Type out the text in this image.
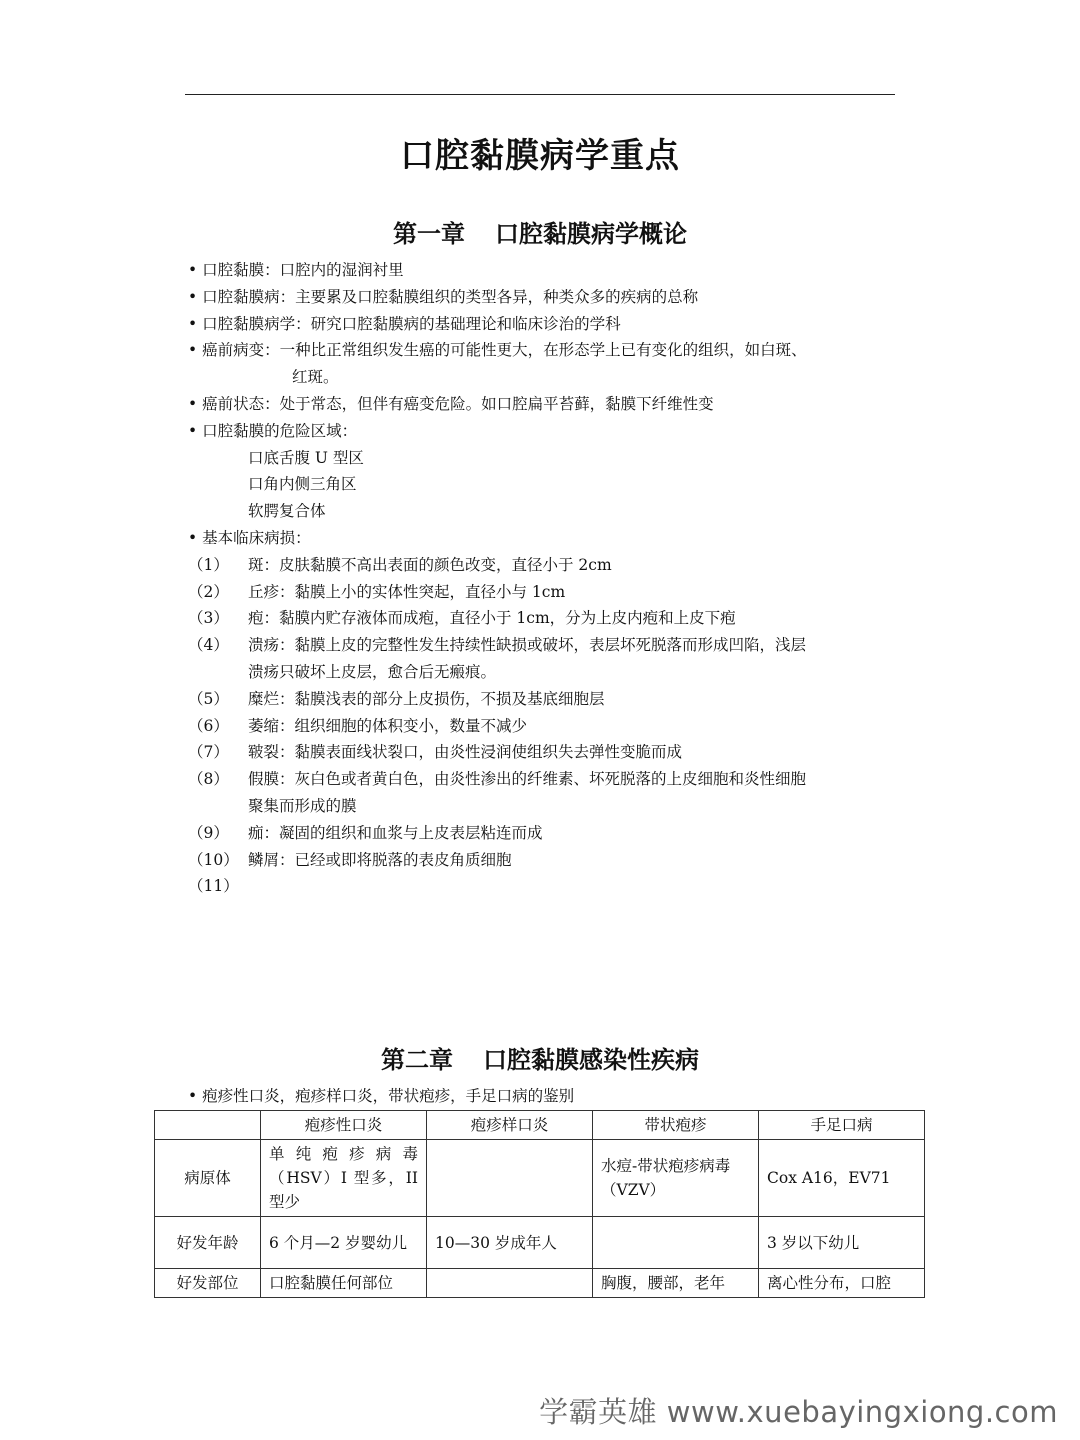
口腔黏膜病学重点
第一章 口腔黏膜病学概论
• 口腔黏膜：口腔内的湿润衬里
• 口腔黏膜病：主要累及口腔黏膜组织的类型各异，种类众多的疾病的总称
• 口腔黏膜病学：研究口腔黏膜病的基础理论和临床诊治的学科
• 癌前病变：一种比正常组织发生癌的可能性更大，在形态学上已有变化的组织，如白斑、
红斑。
• 癌前状态：处于常态，但伴有癌变危险。如口腔扁平苔藓，黏膜下纤维性变
• 口腔黏膜的危险区域：
口底舌腹 U 型区
口角内侧三角区
软腭复合体
• 基本临床病损：
（1） 斑：皮肤黏膜不高出表面的颜色改变，直径小于 2cm
（2） 丘疹：黏膜上小的实体性突起，直径小与 1cm
（3） 疱：黏膜内贮存液体而成疱，直径小于 1cm，分为上皮内疱和上皮下疱
（4） 溃疡：黏膜上皮的完整性发生持续性缺损或破坏，表层坏死脱落而形成凹陷，浅层
溃疡只破坏上皮层，愈合后无瘢痕。
（5） 糜烂：黏膜浅表的部分上皮损伤，不损及基底细胞层
（6） 萎缩：组织细胞的体积变小，数量不减少
（7） 皲裂：黏膜表面线状裂口，由炎性浸润使组织失去弹性变脆而成
（8） 假膜：灰白色或者黄白色，由炎性渗出的纤维素、坏死脱落的上皮细胞和炎性细胞
聚集而形成的膜
（9） 痂：凝固的组织和血浆与上皮表层粘连而成
（10） 鳞屑：已经或即将脱落的表皮角质细胞
（11）
第二章 口腔黏膜感染性疾病
• 疱疹性口炎，疱疹样口炎，带状疱疹，手足口病的鉴别
	疱疹性口炎	疱疹样口炎	带状疱疹	手足口病
病原体	单 纯 疱 疹 病 毒（HSV）I 型多，II 型少		水痘-带状疱疹病毒（VZV）	Cox A16，EV71
好发年龄	6 个月—2 岁婴幼儿	10—30 岁成年人		3 岁以下幼儿
好发部位	口腔黏膜任何部位		胸腹，腰部，老年	离心性分布，口腔
学霸英雄 www.xuebayingxiong.com
